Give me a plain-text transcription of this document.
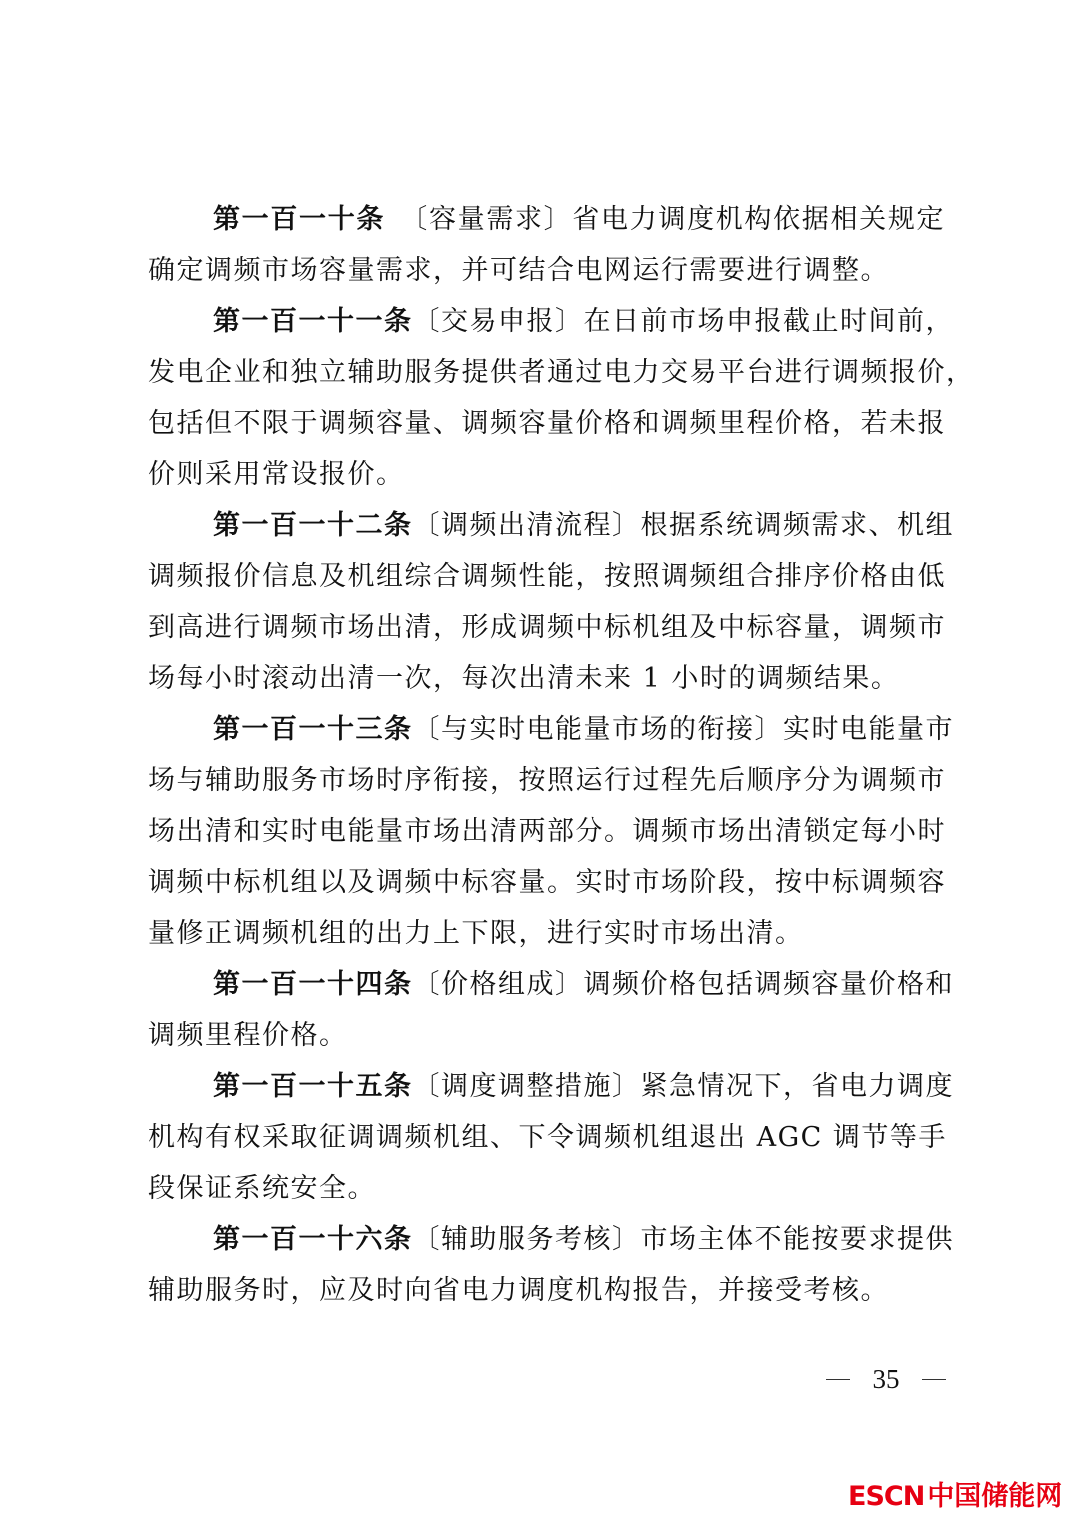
第一百一十条　〔容量需求〕省电力调度机构依据相关规定
确定调频市场容量需求，并可结合电网运行需要进行调整。
第一百一十一条〔交易申报〕在日前市场申报截止时间前，
发电企业和独立辅助服务提供者通过电力交易平台进行调频报价，
包括但不限于调频容量、调频容量价格和调频里程价格，若未报
价则采用常设报价。
第一百一十二条〔调频出清流程〕根据系统调频需求、机组
调频报价信息及机组综合调频性能，按照调频组合排序价格由低
到高进行调频市场出清，形成调频中标机组及中标容量，调频市
场每小时滚动出清一次，每次出清未来 1 小时的调频结果。
第一百一十三条〔与实时电能量市场的衔接〕实时电能量市
场与辅助服务市场时序衔接，按照运行过程先后顺序分为调频市
场出清和实时电能量市场出清两部分。调频市场出清锁定每小时
调频中标机组以及调频中标容量。实时市场阶段，按中标调频容
量修正调频机组的出力上下限，进行实时市场出清。
第一百一十四条〔价格组成〕调频价格包括调频容量价格和
调频里程价格。
第一百一十五条〔调度调整措施〕紧急情况下，省电力调度
机构有权采取征调调频机组、下令调频机组退出 AGC 调节等手
段保证系统安全。
第一百一十六条〔辅助服务考核〕市场主体不能按要求提供
辅助服务时，应及时向省电力调度机构报告，并接受考核。
35
ESCN 中国储能网
